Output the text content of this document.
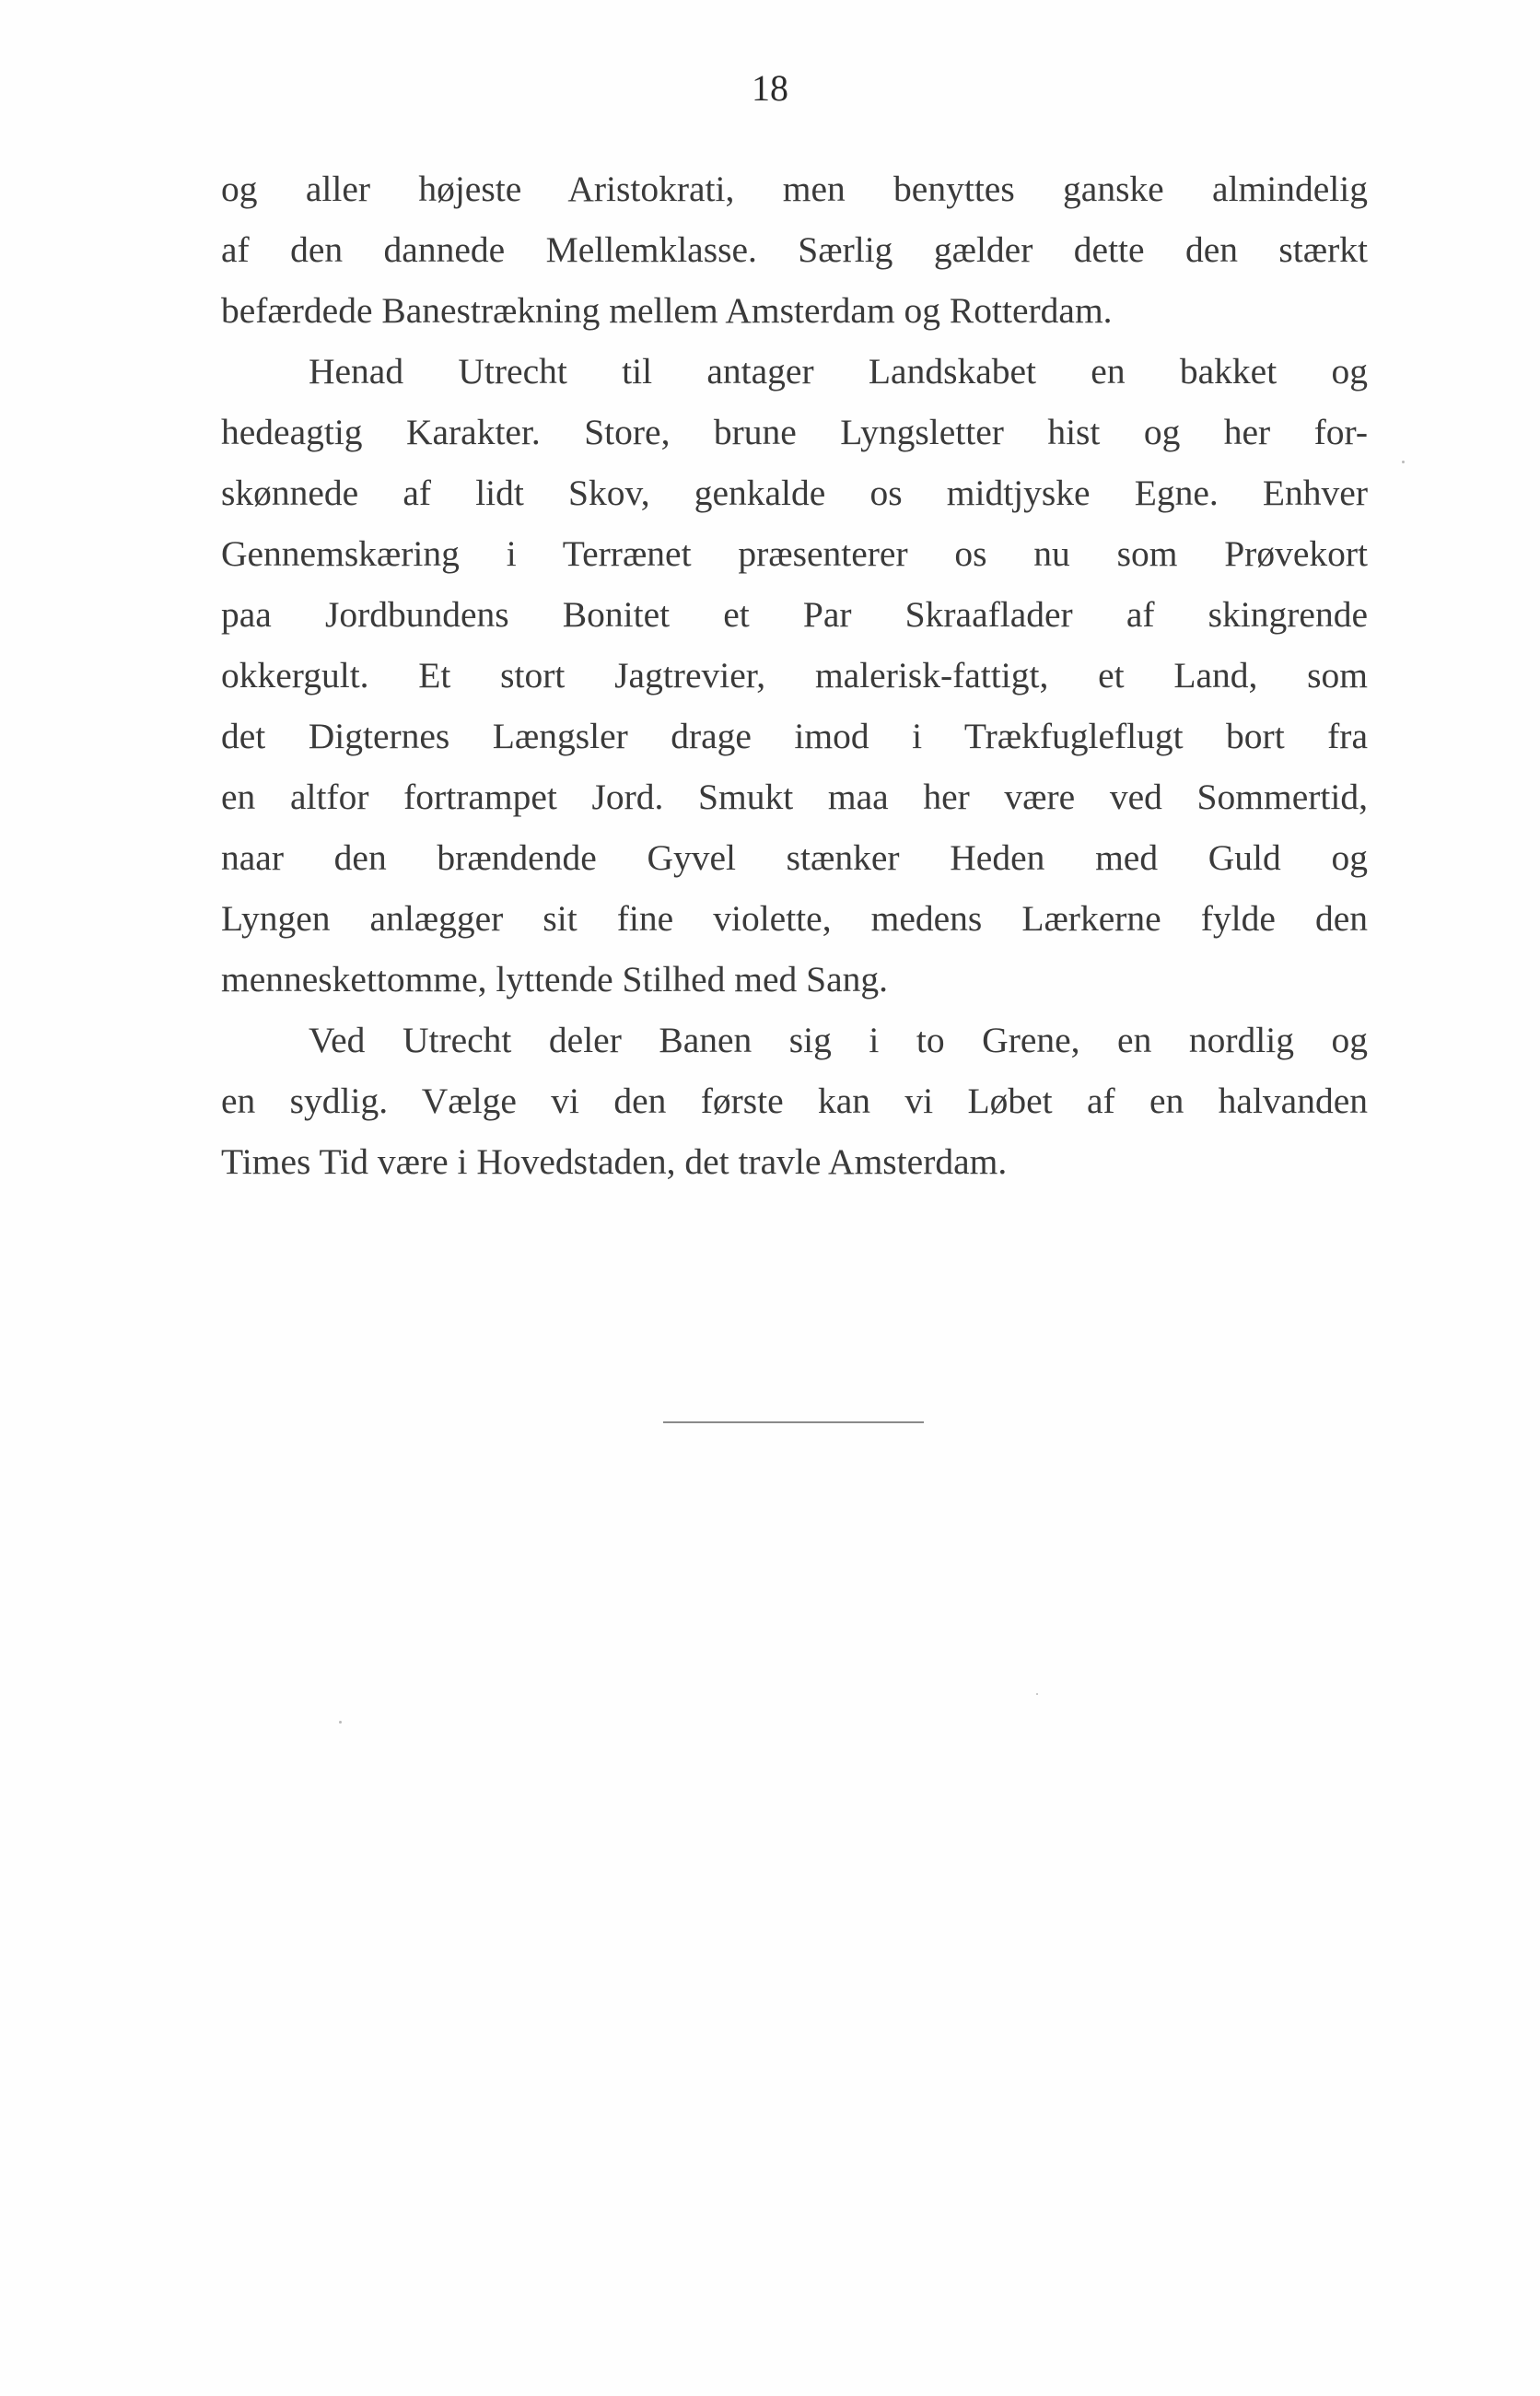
18
og aller højeste Aristokrati, men benyttes ganske almindelig
af den dannede Mellemklasse. Særlig gælder dette den stærkt
befærdede Banestrækning mellem Amsterdam og Rotterdam.
Henad Utrecht til antager Landskabet en bakket og
hedeagtig Karakter. Store, brune Lyngsletter hist og her for-
skønnede af lidt Skov, genkalde os midtjyske Egne. Enhver
Gennemskæring i Terrænet præsenterer os nu som Prøvekort
paa Jordbundens Bonitet et Par Skraaflader af skingrende
okkergult. Et stort Jagtrevier, malerisk-fattigt, et Land, som
det Digternes Længsler drage imod i Trækfugleflugt bort fra
en altfor fortrampet Jord. Smukt maa her være ved Sommertid,
naar den brændende Gyvel stænker Heden med Guld og
Lyngen anlægger sit fine violette, medens Lærkerne fylde den
menneskettomme, lyttende Stilhed med Sang.
Ved Utrecht deler Banen sig i to Grene, en nordlig og
en sydlig. Vælge vi den første kan vi Løbet af en halvanden
Times Tid være i Hovedstaden, det travle Amsterdam.
